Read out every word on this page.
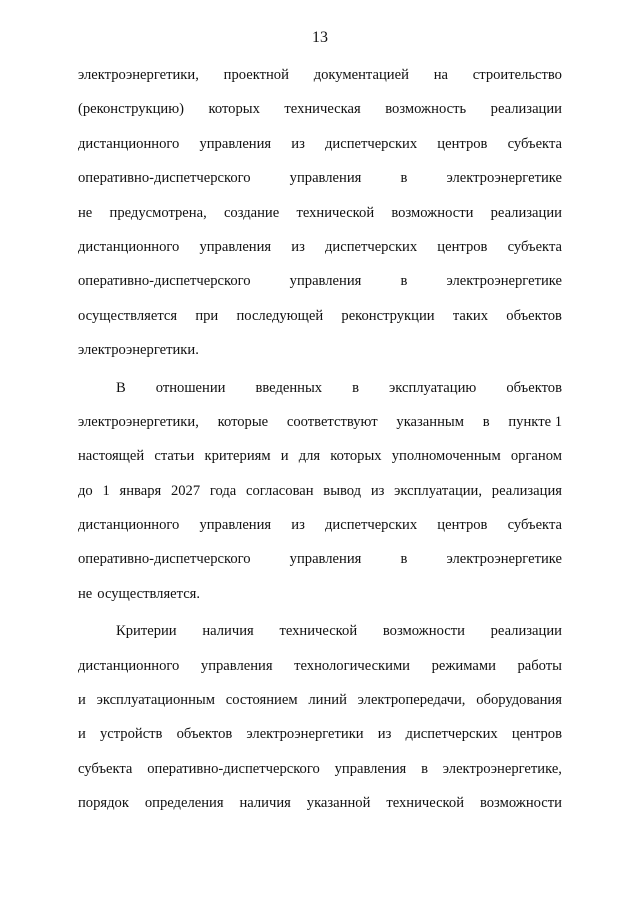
13
электроэнергетики, проектной документацией на строительство
(реконструкцию) которых техническая возможность реализации
дистанционного управления из диспетчерских центров субъекта
оперативно-диспетчерского	управления	в	электроэнергетике
не предусмотрена, создание технической возможности реализации
дистанционного управления из диспетчерских центров субъекта
оперативно-диспетчерского	управления	в	электроэнергетике
осуществляется при последующей реконструкции таких объектов
электроэнергетики.
В отношении введенных в эксплуатацию объектов
электроэнергетики, которые соответствуют указанным в пункте 1
настоящей статьи критериям и для которых уполномоченным органом
до 1 января 2027 года согласован вывод из эксплуатации, реализация
дистанционного управления из диспетчерских центров субъекта
оперативно-диспетчерского	управления	в	электроэнергетике
не осуществляется.
Критерии наличия технической возможности реализации
дистанционного управления технологическими режимами работы
и эксплуатационным состоянием линий электропередачи, оборудования
и устройств объектов электроэнергетики из диспетчерских центров
субъекта оперативно-диспетчерского управления в электроэнергетике,
порядок определения наличия указанной технической возможности
